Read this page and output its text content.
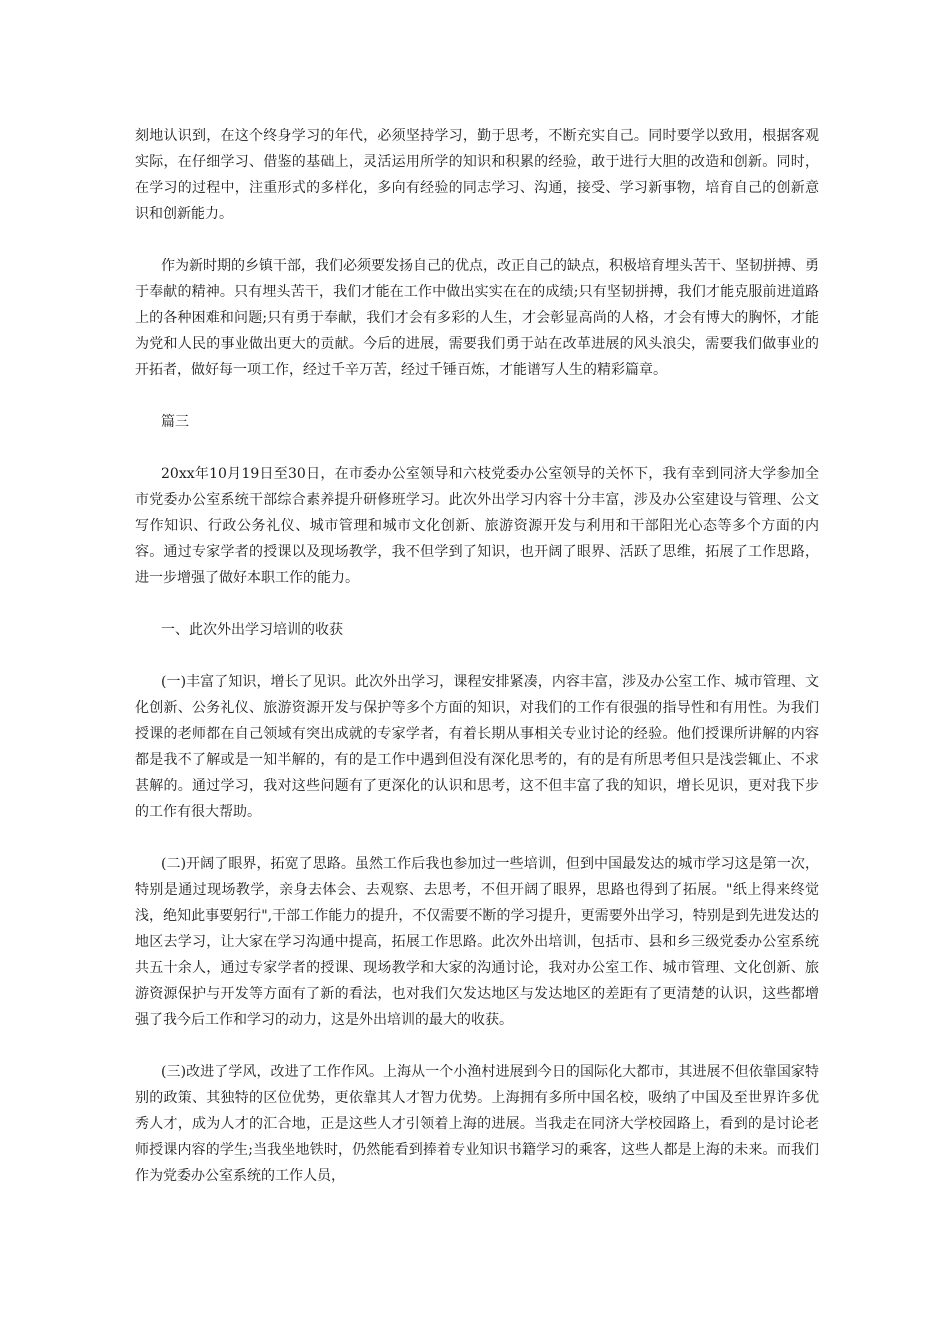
刻地认识到，在这个终身学习的年代，必须坚持学习，勤于思考，不断充实自己。同时要学以致用，根据客观实际，在仔细学习、借鉴的基础上，灵活运用所学的知识和积累的经验，敢于进行大胆的改造和创新。同时，在学习的过程中，注重形式的多样化，多向有经验的同志学习、沟通，接受、学习新事物，培育自己的创新意识和创新能力。

作为新时期的乡镇干部，我们必须要发扬自己的优点，改正自己的缺点，积极培育埋头苦干、坚韧拼搏、勇于奉献的精神。只有埋头苦干，我们才能在工作中做出实实在在的成绩;只有坚韧拼搏，我们才能克服前进道路上的各种困难和问题;只有勇于奉献，我们才会有多彩的人生，才会彰显高尚的人格，才会有博大的胸怀，才能为党和人民的事业做出更大的贡献。今后的进展，需要我们勇于站在改革进展的风头浪尖，需要我们做事业的开拓者，做好每一项工作，经过千辛万苦，经过千锤百炼，才能谱写人生的精彩篇章。

篇三

20xx年10月19日至30日，在市委办公室领导和六枝党委办公室领导的关怀下，我有幸到同济大学参加全市党委办公室系统干部综合素养提升研修班学习。此次外出学习内容十分丰富，涉及办公室建设与管理、公文写作知识、行政公务礼仪、城市管理和城市文化创新、旅游资源开发与利用和干部阳光心态等多个方面的内容。通过专家学者的授课以及现场教学，我不但学到了知识，也开阔了眼界、活跃了思维，拓展了工作思路，进一步增强了做好本职工作的能力。

一、此次外出学习培训的收获

(一)丰富了知识，增长了见识。此次外出学习，课程安排紧凑，内容丰富，涉及办公室工作、城市管理、文化创新、公务礼仪、旅游资源开发与保护等多个方面的知识，对我们的工作有很强的指导性和有用性。为我们授课的老师都在自己领域有突出成就的专家学者，有着长期从事相关专业讨论的经验。他们授课所讲解的内容都是我不了解或是一知半解的，有的是工作中遇到但没有深化思考的，有的是有所思考但只是浅尝辄止、不求甚解的。通过学习，我对这些问题有了更深化的认识和思考，这不但丰富了我的知识，增长见识，更对我下步的工作有很大帮助。

(二)开阔了眼界，拓宽了思路。虽然工作后我也参加过一些培训，但到中国最发达的城市学习这是第一次，特别是通过现场教学，亲身去体会、去观察、去思考，不但开阔了眼界，思路也得到了拓展。"纸上得来终觉浅，绝知此事要躬行",干部工作能力的提升，不仅需要不断的学习提升，更需要外出学习，特别是到先进发达的地区去学习，让大家在学习沟通中提高，拓展工作思路。此次外出培训，包括市、县和乡三级党委办公室系统共五十余人，通过专家学者的授课、现场教学和大家的沟通讨论，我对办公室工作、城市管理、文化创新、旅游资源保护与开发等方面有了新的看法，也对我们欠发达地区与发达地区的差距有了更清楚的认识，这些都增强了我今后工作和学习的动力，这是外出培训的最大的收获。

(三)改进了学风，改进了工作作风。上海从一个小渔村进展到今日的国际化大都市，其进展不但依靠国家特别的政策、其独特的区位优势，更依靠其人才智力优势。上海拥有多所中国名校，吸纳了中国及至世界许多优秀人才，成为人才的汇合地，正是这些人才引领着上海的进展。当我走在同济大学校园路上，看到的是讨论老师授课内容的学生;当我坐地铁时，仍然能看到捧着专业知识书籍学习的乘客，这些人都是上海的未来。而我们作为党委办公室系统的工作人员，
